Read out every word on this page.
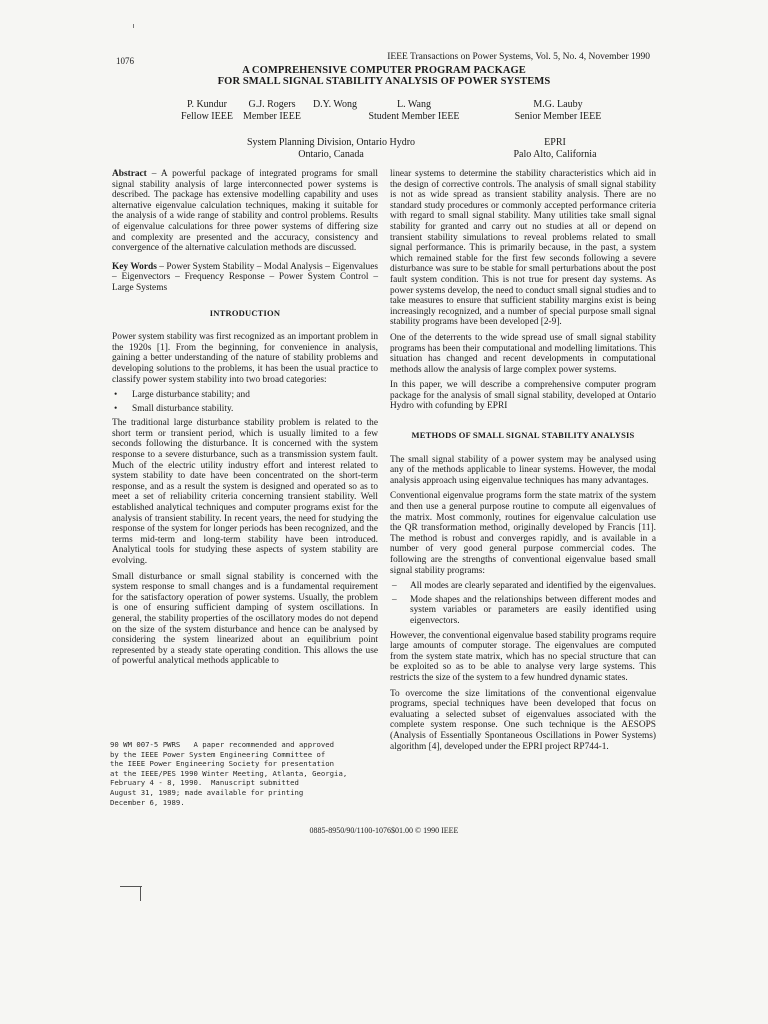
1076	IEEE Transactions on Power Systems, Vol. 5, No. 4, November 1990
A COMPREHENSIVE COMPUTER PROGRAM PACKAGE
FOR SMALL SIGNAL STABILITY ANALYSIS OF POWER SYSTEMS
P. Kundur
Fellow IEEE
G.J. Rogers
Member IEEE
D.Y. Wong	L. Wang
Student Member IEEE
M.G. Lauby
Senior Member IEEE
System Planning Division, Ontario Hydro
Ontario, Canada
EPRI
Palo Alto, California

Abstract – A powerful package of integrated programs for small signal stability analysis of large interconnected power systems is described. The package has extensive modelling capability and uses alternative eigenvalue calculation techniques, making it suitable for the analysis of a wide range of stability and control problems. Results of eigenvalue calculations for three power systems of differing size and complexity are presented and the accuracy, consistency and convergence of the alternative calculation methods are discussed.

Key Words – Power System Stability – Modal Analysis – Eigenvalues – Eigenvectors – Frequency Response – Power System Control – Large Systems

INTRODUCTION

Power system stability was first recognized as an important problem in the 1920s [1]. From the beginning, for convenience in analysis, gaining a better understanding of the nature of stability problems and developing solutions to the problems, it has been the usual practice to classify power system stability into two broad categories:

• Large disturbance stability; and
• Small disturbance stability.

The traditional large disturbance stability problem is related to the short term or transient period, which is usually limited to a few seconds following the disturbance. It is concerned with the system response to a severe disturbance, such as a transmission system fault. Much of the electric utility industry effort and interest related to system stability to date have been concentrated on the short-term response, and as a result the system is designed and operated so as to meet a set of reliability criteria concerning transient stability. Well established analytical techniques and computer programs exist for the analysis of transient stability. In recent years, the need for studying the response of the system for longer periods has been recognized, and the terms mid-term and long-term stability have been introduced. Analytical tools for studying these aspects of system stability are evolving.

Small disturbance or small signal stability is concerned with the system response to small changes and is a fundamental requirement for the satisfactory operation of power systems. Usually, the problem is one of ensuring sufficient damping of system oscillations. In general, the stability properties of the oscillatory modes do not depend on the size of the system disturbance and hence can be analysed by considering the system linearized about an equilibrium point represented by a steady state operating condition. This allows the use of powerful analytical methods applicable to

90 WM 007-5 PWRS   A paper recommended and approved
by the IEEE Power System Engineering Committee of
the IEEE Power Engineering Society for presentation
at the IEEE/PES 1990 Winter Meeting, Atlanta, Georgia,
February 4 - 8, 1990.  Manuscript submitted
August 31, 1989; made available for printing
December 6, 1989.

linear systems to determine the stability characteristics which aid in the design of corrective controls. The analysis of small signal stability is not as wide spread as transient stability analysis. There are no standard study procedures or commonly accepted performance criteria with regard to small signal stability. Many utilities take small signal stability for granted and carry out no studies at all or depend on transient stability simulations to reveal problems related to small signal performance. This is primarily because, in the past, a system which remained stable for the first few seconds following a severe disturbance was sure to be stable for small perturbations about the post fault system condition. This is not true for present day systems. As power systems develop, the need to conduct small signal studies and to take measures to ensure that sufficient stability margins exist is being increasingly recognized, and a number of special purpose small signal stability programs have been developed [2-9].

One of the deterrents to the wide spread use of small signal stability programs has been their computational and modelling limitations. This situation has changed and recent developments in computational methods allow the analysis of large complex power systems.

In this paper, we will describe a comprehensive computer program package for the analysis of small signal stability, developed at Ontario Hydro with cofunding by EPRI

METHODS OF SMALL SIGNAL STABILITY ANALYSIS

The small signal stability of a power system may be analysed using any of the methods applicable to linear systems. However, the modal analysis approach using eigenvalue techniques has many advantages.

Conventional eigenvalue programs form the state matrix of the system and then use a general purpose routine to compute all eigenvalues of the matrix. Most commonly, routines for eigenvalue calculation use the QR transformation method, originally developed by Francis [11]. The method is robust and converges rapidly, and is available in a number of very good general purpose commercial codes. The following are the strengths of conventional eigenvalue based small signal stability programs:

– All modes are clearly separated and identified by the eigenvalues.
– Mode shapes and the relationships between different modes and system variables or parameters are easily identified using eigenvectors.

However, the conventional eigenvalue based stability programs require large amounts of computer storage. The eigenvalues are computed from the system state matrix, which has no special structure that can be exploited so as to be able to analyse very large systems. This restricts the size of the system to a few hundred dynamic states.

To overcome the size limitations of the conventional eigenvalue programs, special techniques have been developed that focus on evaluating a selected subset of eigenvalues associated with the complete system response. One such technique is the AESOPS (Analysis of Essentially Spontaneous Oscillations in Power Systems) algorithm [4], developed under the EPRI project RP744-1.

0885-8950/90/1100-1076$01.00 © 1990 IEEE
